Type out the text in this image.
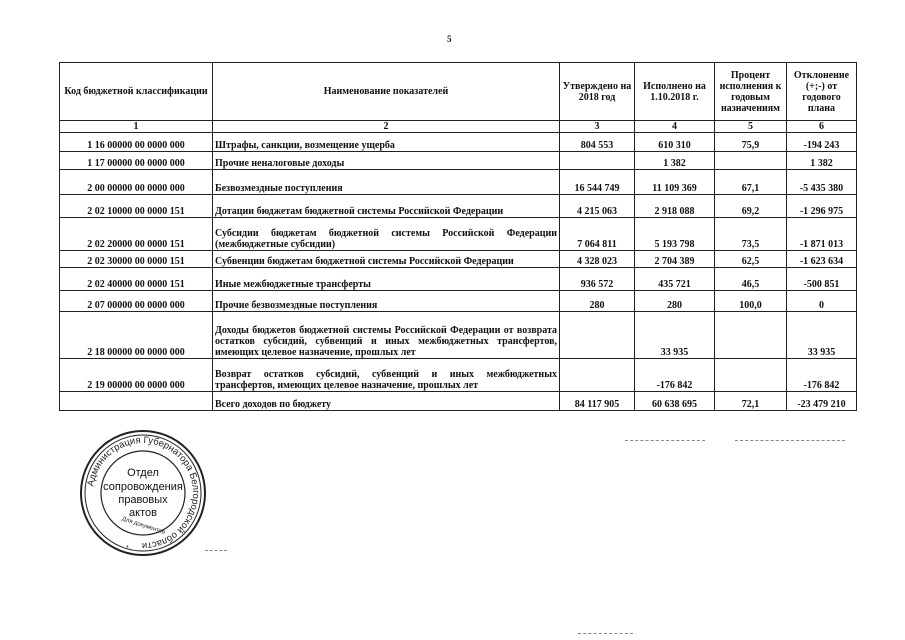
5
Код бюджетной классификации	Наименование показателей	Утверждено на 2018 год	Исполнено на 1.10.2018 г.	Процент исполнения к годовым назначениям	Отклонение (+;-) от годового плана
1	2	3	4	5	6
1 16 00000 00 0000 000	Штрафы, санкции, возмещение ущерба	804 553	610 310	75,9	-194 243
1 17 00000 00 0000 000	Прочие неналоговые доходы		1 382		1 382
2 00 00000 00 0000 000	Безвозмездные поступления	16 544 749	11 109 369	67,1	-5 435 380
2 02 10000 00 0000 151	Дотации бюджетам бюджетной системы Российской Федерации	4 215 063	2 918 088	69,2	-1 296 975
2 02 20000 00 0000 151	Субсидии бюджетам бюджетной системы Российской Федерации (межбюджетные субсидии)	7 064 811	5 193 798	73,5	-1 871 013
2 02 30000 00 0000 151	Субвенции бюджетам бюджетной системы Российской Федерации	4 328 023	2 704 389	62,5	-1 623 634
2 02 40000 00 0000 151	Иные межбюджетные трансферты	936 572	435 721	46,5	-500 851
2 07 00000 00 0000 000	Прочие безвозмездные поступления	280	280	100,0	0
2 18 00000 00 0000 000	Доходы бюджетов бюджетной системы Российской Федерации от возврата остатков субсидий, субвенций и иных межбюджетных трансфертов, имеющих целевое назначение, прошлых лет		33 935		33 935
2 19 00000 00 0000 000	Возврат остатков субсидий, субвенций и иных межбюджетных трансфертов, имеющих целевое назначение, прошлых лет		-176 842		-176 842
	Всего доходов по бюджету	84 117 905	60 638 695	72,1	-23 479 210
Администрация Губернатора Белгородской области
Для документов
Отдел
сопровождения
правовых
актов
*
